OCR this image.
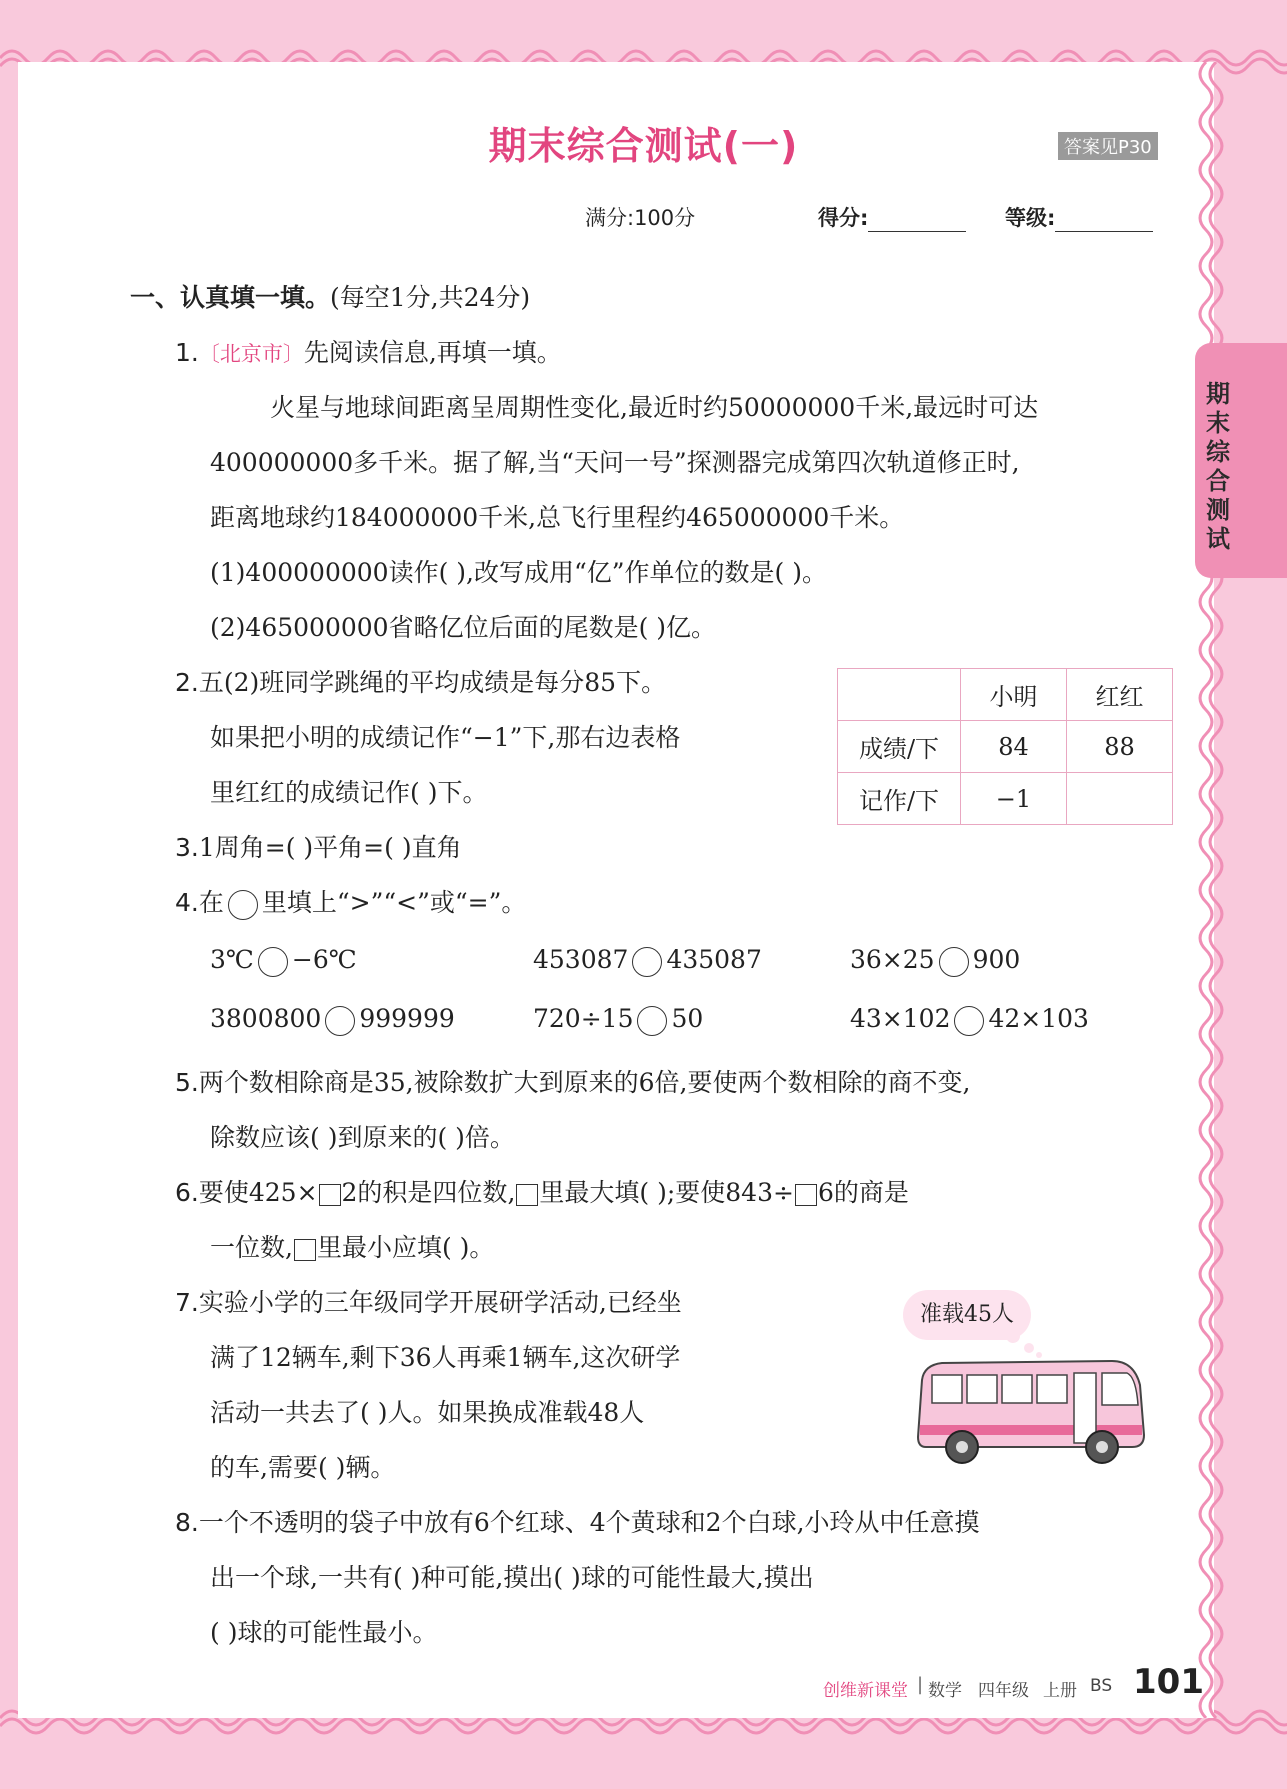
期
末
综
合
测
试
期末综合测试(一)	答案见P30
满分:100分	得分:	等级:
一、认真填一填。(每空1分,共24分)
1.〔北京市〕先阅读信息,再填一填。
火星与地球间距离呈周期性变化,最近时约50000000千米,最远时可达
400000000多千米。据了解,当“天问一号”探测器完成第四次轨道修正时,
距离地球约184000000千米,总飞行里程约465000000千米。
(1)400000000读作( ),改写成用“亿”作单位的数是( )。
(2)465000000省略亿位后面的尾数是( )亿。
2.五(2)班同学跳绳的平均成绩是每分85下。
如果把小明的成绩记作“−1”下,那右边表格
里红红的成绩记作( )下。
	小明	红红
成绩/下	84	88
记作/下	−1	
3.1周角=( )平角=( )直角
4.在 里填上“>”“<”或“=”。
3℃ −6℃	453087 435087	36×25 900
3800800 999999	720÷15 50	43×102 42×103
5.两个数相除商是35,被除数扩大到原来的6倍,要使两个数相除的商不变,
除数应该( )到原来的( )倍。
6.要使425× 2的积是四位数, 里最大填( );要使843÷ 6的商是
一位数, 里最小应填( )。
7.实验小学的三年级同学开展研学活动,已经坐
满了12辆车,剩下36人再乘1辆车,这次研学
活动一共去了( )人。如果换成准载48人
的车,需要( )辆。
准载45人
8.一个不透明的袋子中放有6个红球、4个黄球和2个白球,小玲从中任意摸
出一个球,一共有( )种可能,摸出( )球的可能性最大,摸出
( )球的可能性最小。
创维新课堂 | 数学 四年级 上册 BS 101
